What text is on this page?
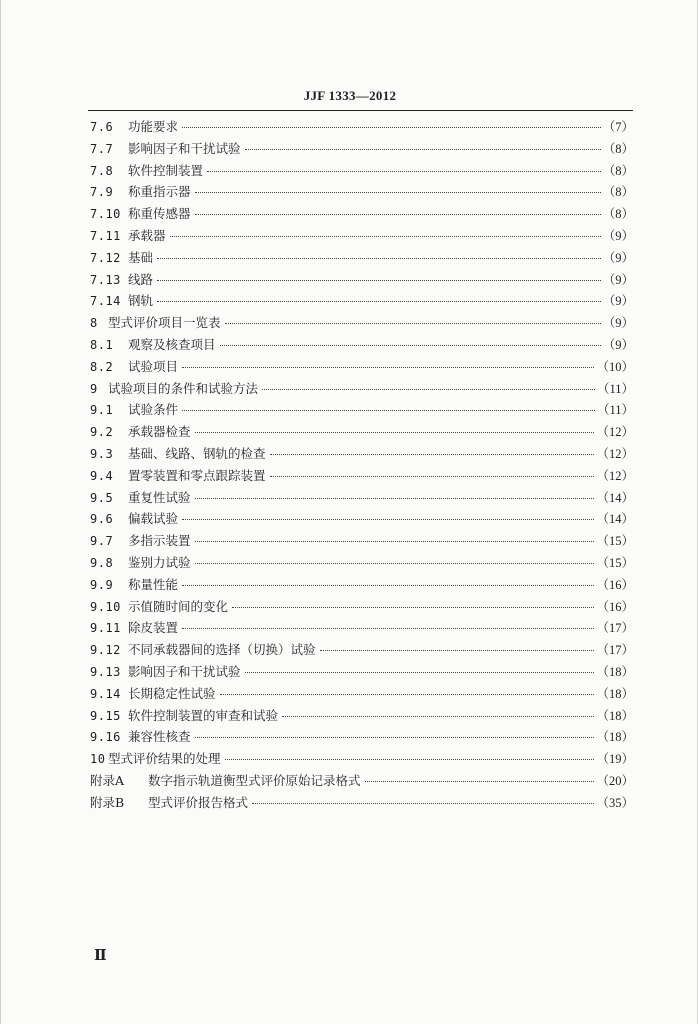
JJF 1333—2012
7.6	功能要求	（7）
7.7	影响因子和干扰试验	（8）
7.8	软件控制装置	（8）
7.9	称重指示器	（8）
7.10 称重传感器	（8）
7.11 承载器	（9）
7.12 基础	（9）
7.13 线路	（9）
7.14 钢轨	（9）
8 型式评价项目一览表	（9）
8.1	观察及核查项目	（9）
8.2	试验项目	（10）
9 试验项目的条件和试验方法	（11）
9.1	试验条件	（11）
9.2	承载器检查	（12）
9.3	基础、线路、钢轨的检查	（12）
9.4	置零装置和零点跟踪装置	（12）
9.5	重复性试验	（14）
9.6	偏载试验	（14）
9.7	多指示装置	（15）
9.8	鉴别力试验	（15）
9.9	称量性能	（16）
9.10 示值随时间的变化	（16）
9.11 除皮装置	（17）
9.12 不同承载器间的选择（切换）试验	（17）
9.13 影响因子和干扰试验	（18）
9.14 长期稳定性试验	（18）
9.15 软件控制装置的审查和试验	（18）
9.16 兼容性核查	（18）
10 型式评价结果的处理	（19）
附录A	数字指示轨道衡型式评价原始记录格式	（20）
附录B	型式评价报告格式	（35）
Ⅱ
